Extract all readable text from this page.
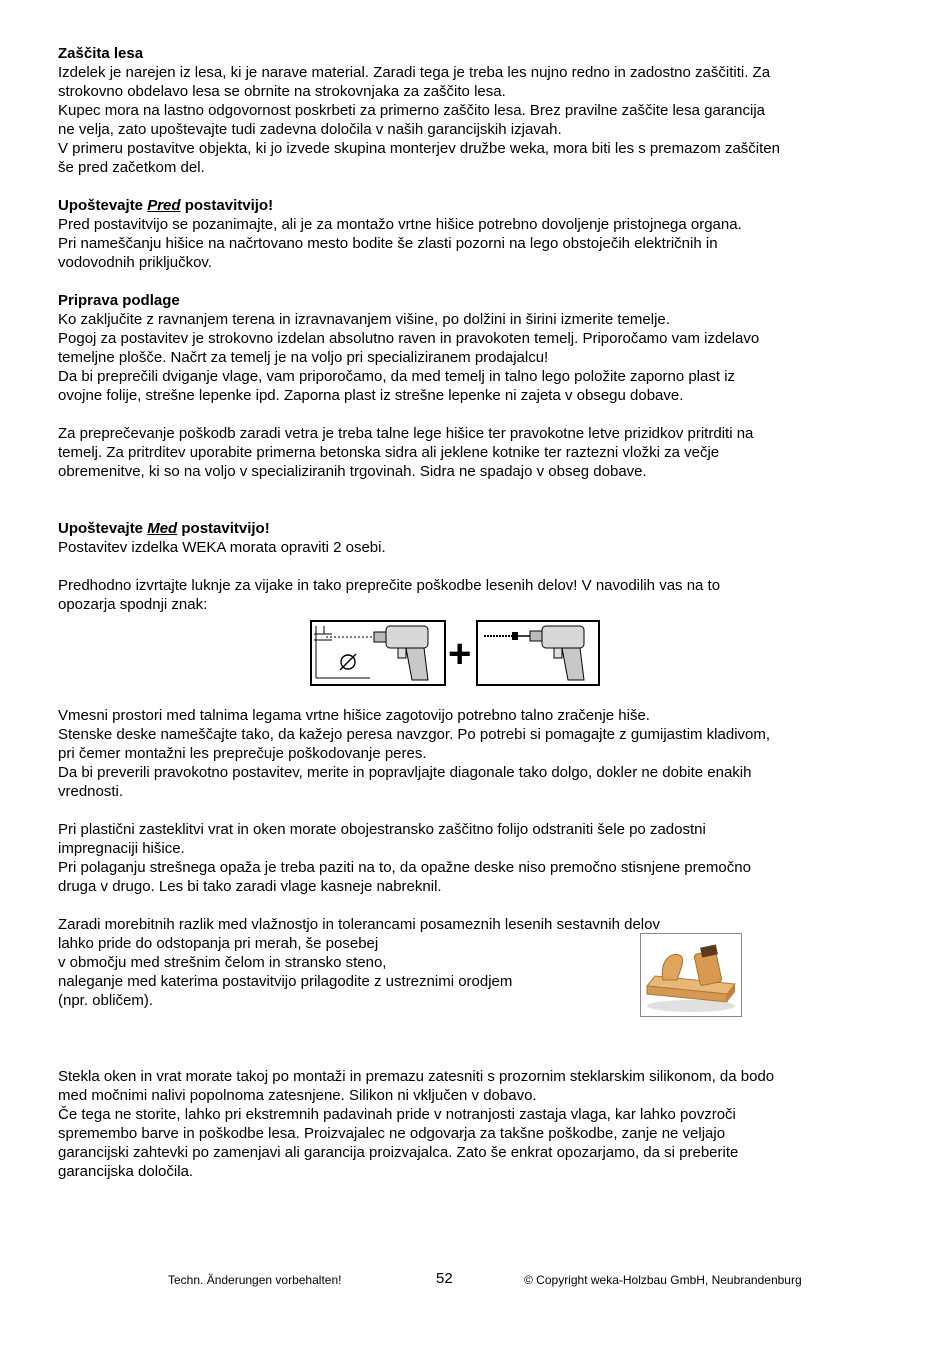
Zaščita lesa
Izdelek je narejen iz lesa, ki je narave material. Zaradi tega je treba les nujno redno in zadostno zaščititi. Za
strokovno obdelavo lesa se obrnite na strokovnjaka za zaščito lesa.
Kupec mora na lastno odgovornost poskrbeti za primerno zaščito lesa. Brez pravilne zaščite lesa garancija
ne velja, zato upoštevajte tudi zadevna določila v naših garancijskih izjavah.
V primeru postavitve objekta, ki jo izvede skupina monterjev družbe weka, mora biti les s premazom zaščiten
še pred začetkom del.
Upoštevajte Pred postavitvijo!
Pred postavitvijo se pozanimajte, ali je za montažo vrtne hišice potrebno dovoljenje pristojnega organa.
Pri nameščanju hišice na načrtovano mesto bodite še zlasti pozorni na lego obstoječih električnih in
vodovodnih priključkov.
Priprava podlage
Ko zaključite z ravnanjem terena in izravnavanjem višine, po dolžini in širini izmerite temelje.
Pogoj za postavitev je strokovno izdelan absolutno raven in pravokoten temelj. Priporočamo vam izdelavo
temeljne plošče. Načrt za temelj je na voljo pri specializiranem prodajalcu!
Da bi preprečili dviganje vlage, vam priporočamo, da med temelj in talno lego položite zaporno plast iz
ovojne folije, strešne lepenke ipd. Zaporna plast iz strešne lepenke ni zajeta v obsegu dobave.
Za preprečevanje poškodb zaradi vetra je treba talne lege hišice ter pravokotne letve prizidkov pritrditi na
temelj. Za pritrditev uporabite primerna betonska sidra ali jeklene kotnike ter raztezni vložki za večje
obremenitve, ki so na voljo v specializiranih trgovinah. Sidra ne spadajo v obseg dobave.
Upoštevajte Med postavitvijo!
Postavitev izdelka WEKA morata opraviti 2 osebi.
Predhodno izvrtajte luknje za vijake in tako preprečite poškodbe lesenih delov! V navodilih vas na to
opozarja spodnji znak:
+
Vmesni prostori med talnima legama vrtne hišice zagotovijo potrebno talno zračenje hiše.
Stenske deske nameščajte tako, da kažejo peresa navzgor. Po potrebi si pomagajte z gumijastim kladivom,
pri čemer montažni les preprečuje poškodovanje peres.
Da bi preverili pravokotno postavitev, merite in popravljajte diagonale tako dolgo, dokler ne dobite enakih
vrednosti.
Pri plastični zasteklitvi vrat in oken morate obojestransko zaščitno folijo odstraniti šele po zadostni
impregnaciji hišice.
Pri polaganju strešnega opaža je treba paziti na to, da opažne deske niso premočno stisnjene premočno
druga v drugo. Les bi tako zaradi vlage kasneje nabreknil.
Zaradi morebitnih razlik med vlažnostjo in tolerancami posameznih lesenih sestavnih delov
lahko pride do odstopanja pri merah, še posebej
v območju med strešnim čelom in stransko steno,
naleganje med katerima postavitvijo prilagodite z ustreznimi orodjem
(npr. obličem).
Stekla oken in vrat morate takoj po montaži in premazu zatesniti s prozornim steklarskim silikonom, da bodo
med močnimi nalivi popolnoma zatesnjene. Silikon ni vključen v dobavo.
Če tega ne storite, lahko pri ekstremnih padavinah pride v notranjosti zastaja vlaga, kar lahko povzroči
spremembo barve in poškodbe lesa. Proizvajalec ne odgovarja za takšne poškodbe, zanje ne veljajo
garancijski zahtevki po zamenjavi ali garancija proizvajalca. Zato še enkrat opozarjamo, da si preberite
garancijska določila.
Techn. Änderungen vorbehalten!	52	© Copyright weka-Holzbau GmbH, Neubrandenburg
